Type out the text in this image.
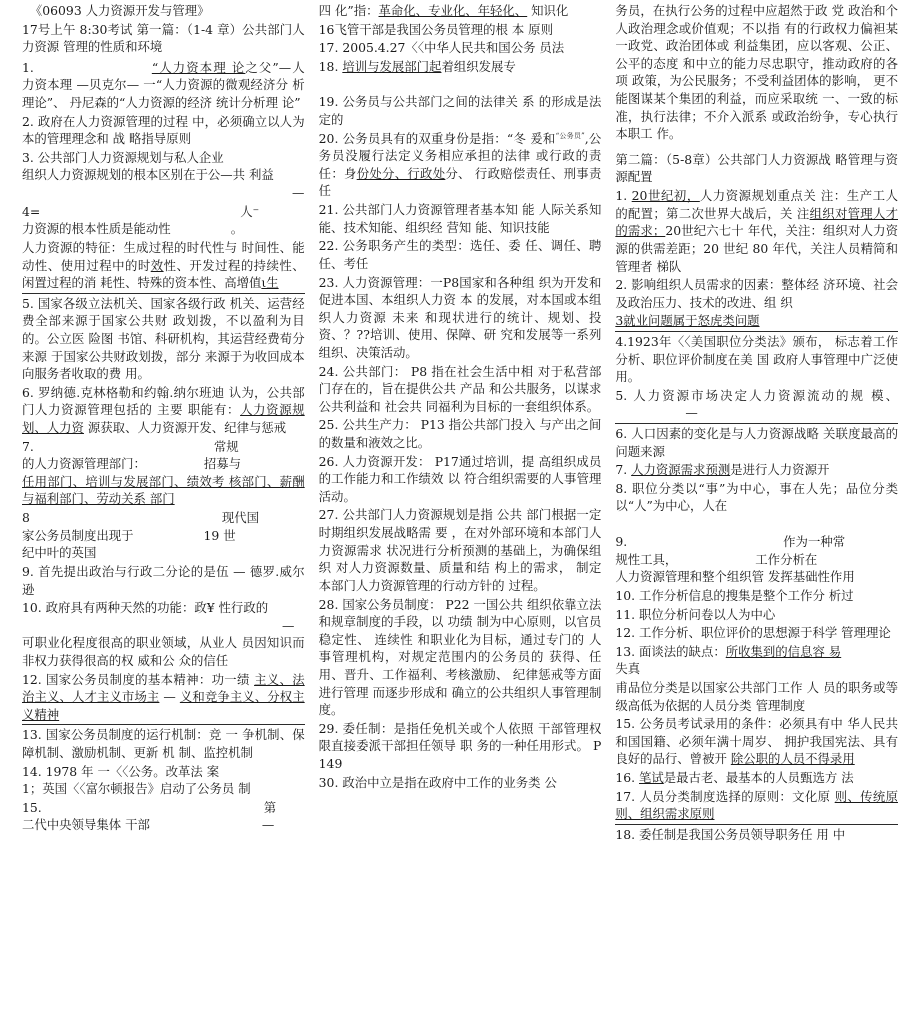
《06093 人力资源开发与管理》

17号上午 8:30考试 第一篇：（1-4 章）公共部门人力资源 管理的性质和环境

1.	“人力资本理 论之父”—人力资本理 —贝克尔— 一“人力资源的微观经济分 析理论”、 丹尼森的“人力资源的经济 统计分析理 论”

2. 政府在人力资源管理的过程 中，必须确立以人为本的管理理念和 战 略指导原则

3. 公共部门人力资源规划与私人企业
组织人力资源规划的根本区别在于公—共 利益
—

4=	人⁻
力资源的根本性质是能动性	。

人力资源的特征：生成过程的时代性与 时间性、能动性、使用过程中的时效性、开发过程的持续性、闲置过程的消 耗性、特殊的资本性、高增值ι生

5. 国家各级立法机关、国家各级行政 机关、运营经费全部来源于国家公共财 政划拨，不以盈利为目的。公立医 险图 书馆、科研机构，其运营经费荀分来源 于国家公共财政划拨，部分 来源于为收回成本向服务者收取的费 用。

6. 罗纳德.克林格勒和约翰.纳尔班迪 认为，公共部门人力资源管理包括的 主要 职能有：人力资源规划、人力资 源获取、人力资源开发、纪律与惩戒

7.	常规
的人力资源管理部门：	招募与
任用部门、培训与发展部门、绩效考 核部门、薪酬与福利部门、劳动关系 部门

8	现代国
家公务员制度出现于	19 世
纪中叶的英国

9. 首先提出政治与行政二分论的是伍 — 德罗.威尔逊

10. 政府具有两种天然的功能：政¥ 性行政的
—
可职业化程度很高的职业领域，从业人 员因知识而非权力获得很高的权 威和公 众的信任

12. 国家公务员制度的基本精神：功一绩 主义、法治主义、人才主义市场主 — 义和竞争主义、分权主义精神

13. 国家公务员制度的运行机制：竞 一 争机制、保障机制、激励机制、更新 机 制、监控机制

14. 1978 年 一〈〈公务。改革法 案
1；英国〈〈富尔顿报告》启动了公务员 制

15.	第
二代中央领导集体 干部	—

四 化”指：革命化、专业化、年轻化、 知识化

16飞管干部是我国公务员管理的根 本 原则

17. 2005.4.27〈〈中华人民共和国公务 员法

18. 培训与发展部门起着组织发展专

19. 公务员与公共部门之间的法律关 系 的形成是法定的

20. 公务员具有的双重身份是指：“冬 爰和$^{“公务员”}$,公务员没履行法定义务相应承担的法律 或行政的责任：身份处分、行政处分、 行政赔偿责任、刑事责任

21. 公共部门人力资源管理者基本知 能 人际关系知能、技术知能、组织经 营知 能、知识技能

22. 公务职务产生的类型：选任、委 任、调任、聘任、考任

23. 人力资源管理：一P8国家和各种组 织为开发和促进本国、本组织人力资 本 的发展，对本国或本组织人力资源 未来 和现状进行的统计、规划、投 资、？??培训、使用、保障、研 究和发展等一系列组织、决策活动。

24. 公共部门： P8 指在社会生活中相 对于私营部门存在的，旨在提供公共 产品 和公共服务，以谋求公共利益和 社会共 同福利为目标的一套组织体系。

25. 公共生产力： P13 指公共部门投入 与产出之间的数量和液效之比。

26. 人力资源开发： P17通过培训，提 高组织成员的工作能力和工作绩效 以 符合组织需要的人事管理活动。

27. 公共部门人力资源规划是指 公共 部门根据一定时期组织发展战略需 要 ，在对外部环境和本部门人力资源需求 状况进行分析预测的基础上，为确保组织 对人力资源数量、质量和结 构上的需求， 制定本部门人力资源管理的行动方针的 过程。

28. 国家公务员制度： P22 一国公共 组织依靠立法和规章制度的手段，以 功绩 制为中心原则，以官员稳定性、 连续性 和职业化为目标，通过专门的 人事管理机构，对规定范围内的公务员的 获得、任用、晋升、工作福利、考核激励、 纪律惩戒等方面进行管理 而逐步形成和 确立的公共组织人事管理制度。

29. 委任制：是指任免机关或个人依照 干部管理权限直接委派干部担任领导 职 务的一种任用形式。 P149

30. 政治中立是指在政府中工作的业务类 公

务员，在执行公务的过程中应超然于政 党 政治和个人政治理念或价值观；不以指 有的行政权力偏袒某一政党、政治团体或 利益集团，应以客观、公正、公平的态度 和中立的能力尽忠职守，推动政府的各项 政策，为公民服务；不受利益团体的影响， 更不能图谋某个集团的利益，而应采取统 一、一致的标准，执行法律；不介入派系 或政治纷争，专心执行本职工 作。

第二篇：（5-8章）公共部门人力资源战 略管理与资源配置

1. 20世纪初，人力资源规划重点关 注：生产工人的配置；第二次世界大战后，关 注组织对管理人才的需求；20世纪六七十 年代，关注：组织对人力资源的供需差距；20 世纪 80 年代，关注人员精简和管理者 梯队

2. 影响组织人员需求的因素：整体经 济环境、社会及政治压力、技术的改进、组 织

3就业问题属于怒虎类问题

4.1923年〈〈美国职位分类法》颁布， 标志着工作分析、职位评价制度在美 国 政府人事管理中广泛使用。

5. 人力资源市场决定人力资源流动的规 模、—

6. 人口因素的变化是与人力资源战略 关联度最高的问题来源

7. 人力资源需求预测是进行人力资源开

8. 职位分类以“事”为中心，事在人先；品位分类以“人”为中心，人在

9.	作为一种常
规性工具，	工作分析在
人力资源管理和整个组织管 发挥基础性作用

10. 工作分析信息的搜集是整个工作分 析过

11. 职位分析问卷以人为中心

12. 工作分析、职位评价的思想源于科学 管理理论

13. 面谈法的缺点：所收集到的信息容 易
失真

甫品位分类是以国家公共部门工作 人 员的职务或等级高低为依据的人员分类 管理制度

15. 公务员考试录用的条件：必须具有中 华人民共和国国籍、必须年满十周岁、 拥护我国宪法、具有良好的品行、曾被开 除公职的人员不得录用

16. 笔试是最古老、最基本的人员甄选方 法

17. 人员分类制度选择的原则：文化原 则、传统原则、组织需求原则

18. 委任制是我国公务员领导职务任 用 中
